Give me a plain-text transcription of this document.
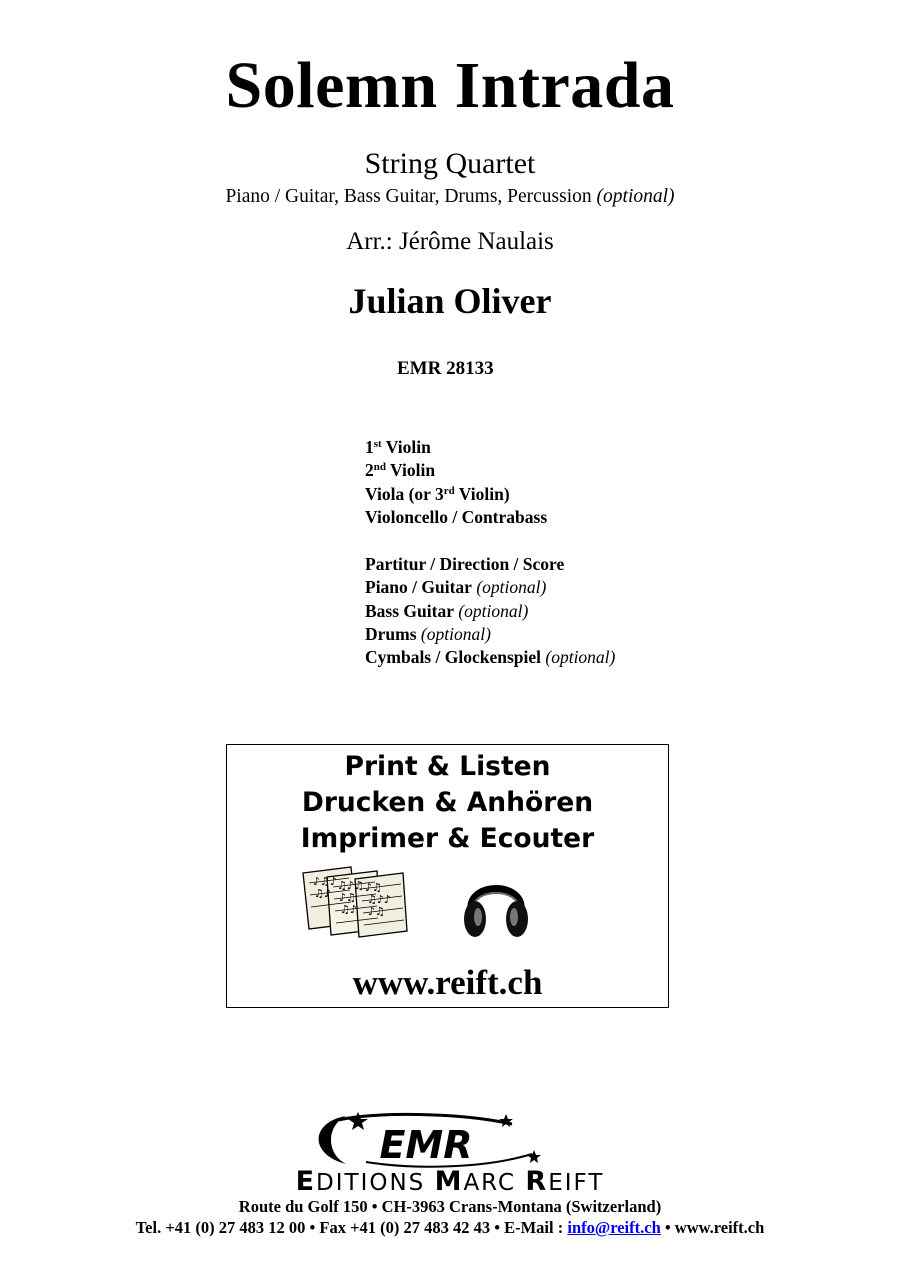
Solemn Intrada
String Quartet
Piano / Guitar, Bass Guitar, Drums, Percussion (optional)
Arr.: Jérôme Naulais
Julian Oliver
EMR 28133
1st Violin
2nd Violin
Viola (or 3rd Violin)
Violoncello / Contrabass
Partitur / Direction / Score
Piano / Guitar (optional)
Bass Guitar (optional)
Drums (optional)
Cymbals / Glockenspiel (optional)
Print & Listen
Drucken & Anhören
Imprimer & Ecouter
♪♫♪
♫♪
♫♪♫
♪♫
♫♪
♪♫
♫♪♪
♪♫
www.reift.ch
EMR
EDITIONS MARC REIFT
Route du Golf 150 • CH-3963 Crans-Montana (Switzerland)
Tel. +41 (0) 27 483 12 00 • Fax +41 (0) 27 483 42 43 • E-Mail : info@reift.ch • www.reift.ch
